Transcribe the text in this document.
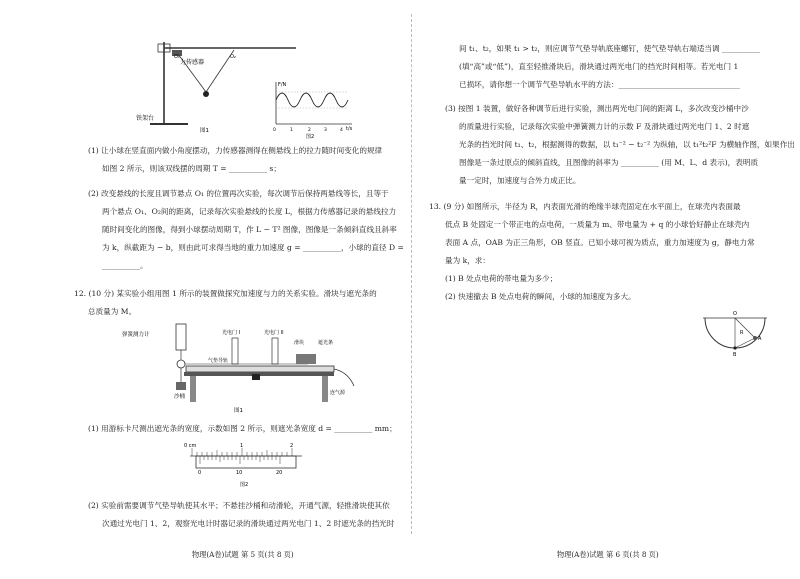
力传感器
O₁	O₂
铁架台
图1
F/N
t/s
0	1	2	3	4
图2
(1) 让小球在竖直面内做小角度摆动，力传感器测得在侧悬线上的拉力随时间变化的规律
如图 2 所示，则该双线摆的周期 T = __________ s；
(2) 改变悬线的长度且调节悬点 O₁ 的位置再次实验，每次调节后保持两悬线等长，且等于
两个悬点 O₁、O₂间的距离，记录每次实验悬线的长度 L，根据力传感器记录的悬线拉力
随时间变化的图像，得到小球摆动周期 T，作 L − T² 图像，图像是一条倾斜直线且斜率
为 k，纵截距为 − b，则由此可求得当地的重力加速度 g = __________，小球的直径 D =
__________。
12. (10 分) 某实验小组用图 1 所示的装置做探究加速度与力的关系实验。滑块与遮光条的
总质量为 M。
弹簧测力计
沙桶
气垫导轨
光电门 I	光电门 II
滑块	遮光条
连气源
图1
(1) 用游标卡尺测出遮光条的宽度，示数如图 2 所示，则遮光条宽度 d = __________ mm；
0 cm	1	2
0	10	20
图2
(2) 实验前需要调节气垫导轨使其水平；不悬挂沙桶和动滑轮，开通气源，轻推滑块使其依
次通过光电门 1、2，观察光电计时器记录的滑块通过两光电门 1、2 时遮光条的挡光时
物理(A卷)试题 第 5 页(共 8 页)
间 t₁、t₂，如果 t₁ > t₂，则应调节气垫导轨底座螺钉，使气垫导轨右端适当调 __________
(填“高”或“低”)，直至轻推滑块后，滑块通过两光电门的挡光时间相等。若光电门 1
已损坏，请你想一个调节气垫导轨水平的方法：________________________________
(3) 按图 1 装置，做好各种调节后进行实验，测出两光电门间的距离 L，多次改变沙桶中沙
的质量进行实验，记录每次实验中弹簧测力计的示数 F 及滑块通过两光电门 1、2 时遮
光条的挡光时间 t₁、t₂，根据测得的数据，以 t₁⁻² − t₂⁻² 为纵轴，以 t₁²t₂²F 为横轴作图，如果作出
图像是一条过原点的倾斜直线，且图像的斜率为 __________ (用 M、L、d 表示)，表明质
量一定时，加速度与合外力成正比。
13. (9 分) 如图所示，半径为 R，内表面光滑的绝缘半球壳固定在水平面上，在球壳内表面最
低点 B 处固定一个带正电的点电荷，一质量为 m、带电量为 + q 的小球恰好静止在球壳内
表面 A 点，OAB 为正三角形，OB 竖直。已知小球可视为质点，重力加速度为 g，静电力常
量为 k，求：
(1) B 处点电荷的带电量为多少；
(2) 快速撤去 B 处点电荷的瞬间，小球的加速度为多大。
O
R
A
B
物理(A卷)试题 第 6 页(共 8 页)
